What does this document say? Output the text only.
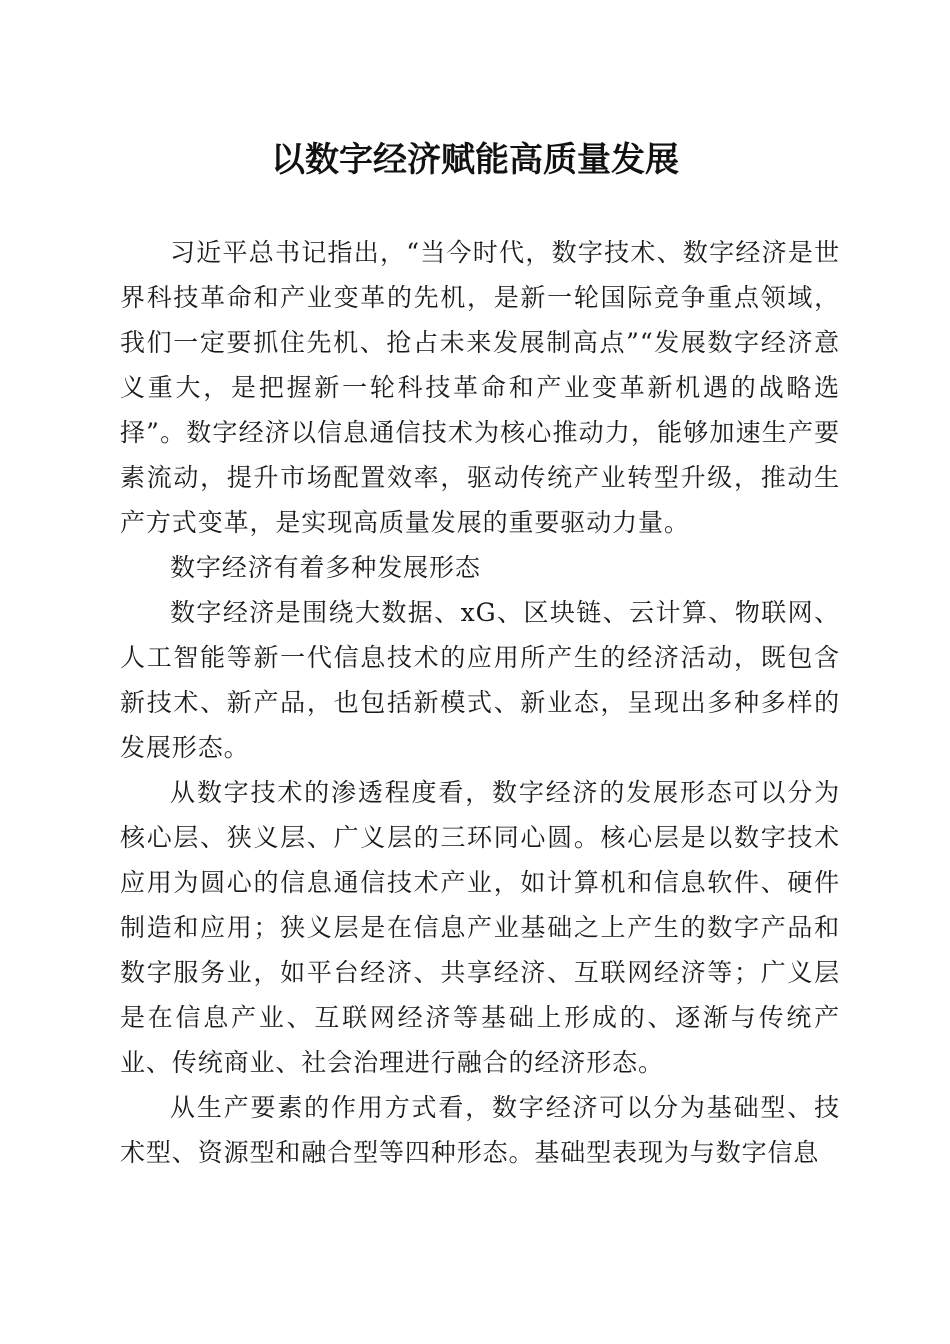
以数字经济赋能高质量发展

习近平总书记指出，“当今时代，数字技术、数字经济是世界科技革命和产业变革的先机，是新一轮国际竞争重点领域，我们一定要抓住先机、抢占未来发展制高点”“发展数字经济意义重大，是把握新一轮科技革命和产业变革新机遇的战略选择”。数字经济以信息通信技术为核心推动力，能够加速生产要素流动，提升市场配置效率，驱动传统产业转型升级，推动生产方式变革，是实现高质量发展的重要驱动力量。

数字经济有着多种发展形态

数字经济是围绕大数据、xG、区块链、云计算、物联网、人工智能等新一代信息技术的应用所产生的经济活动，既包含新技术、新产品，也包括新模式、新业态，呈现出多种多样的发展形态。

从数字技术的渗透程度看，数字经济的发展形态可以分为核心层、狭义层、广义层的三环同心圆。核心层是以数字技术应用为圆心的信息通信技术产业，如计算机和信息软件、硬件制造和应用；狭义层是在信息产业基础之上产生的数字产品和数字服务业，如平台经济、共享经济、互联网经济等；广义层是在信息产业、互联网经济等基础上形成的、逐渐与传统产业、传统商业、社会治理进行融合的经济形态。

从生产要素的作用方式看，数字经济可以分为基础型、技术型、资源型和融合型等四种形态。基础型表现为与数字信息
